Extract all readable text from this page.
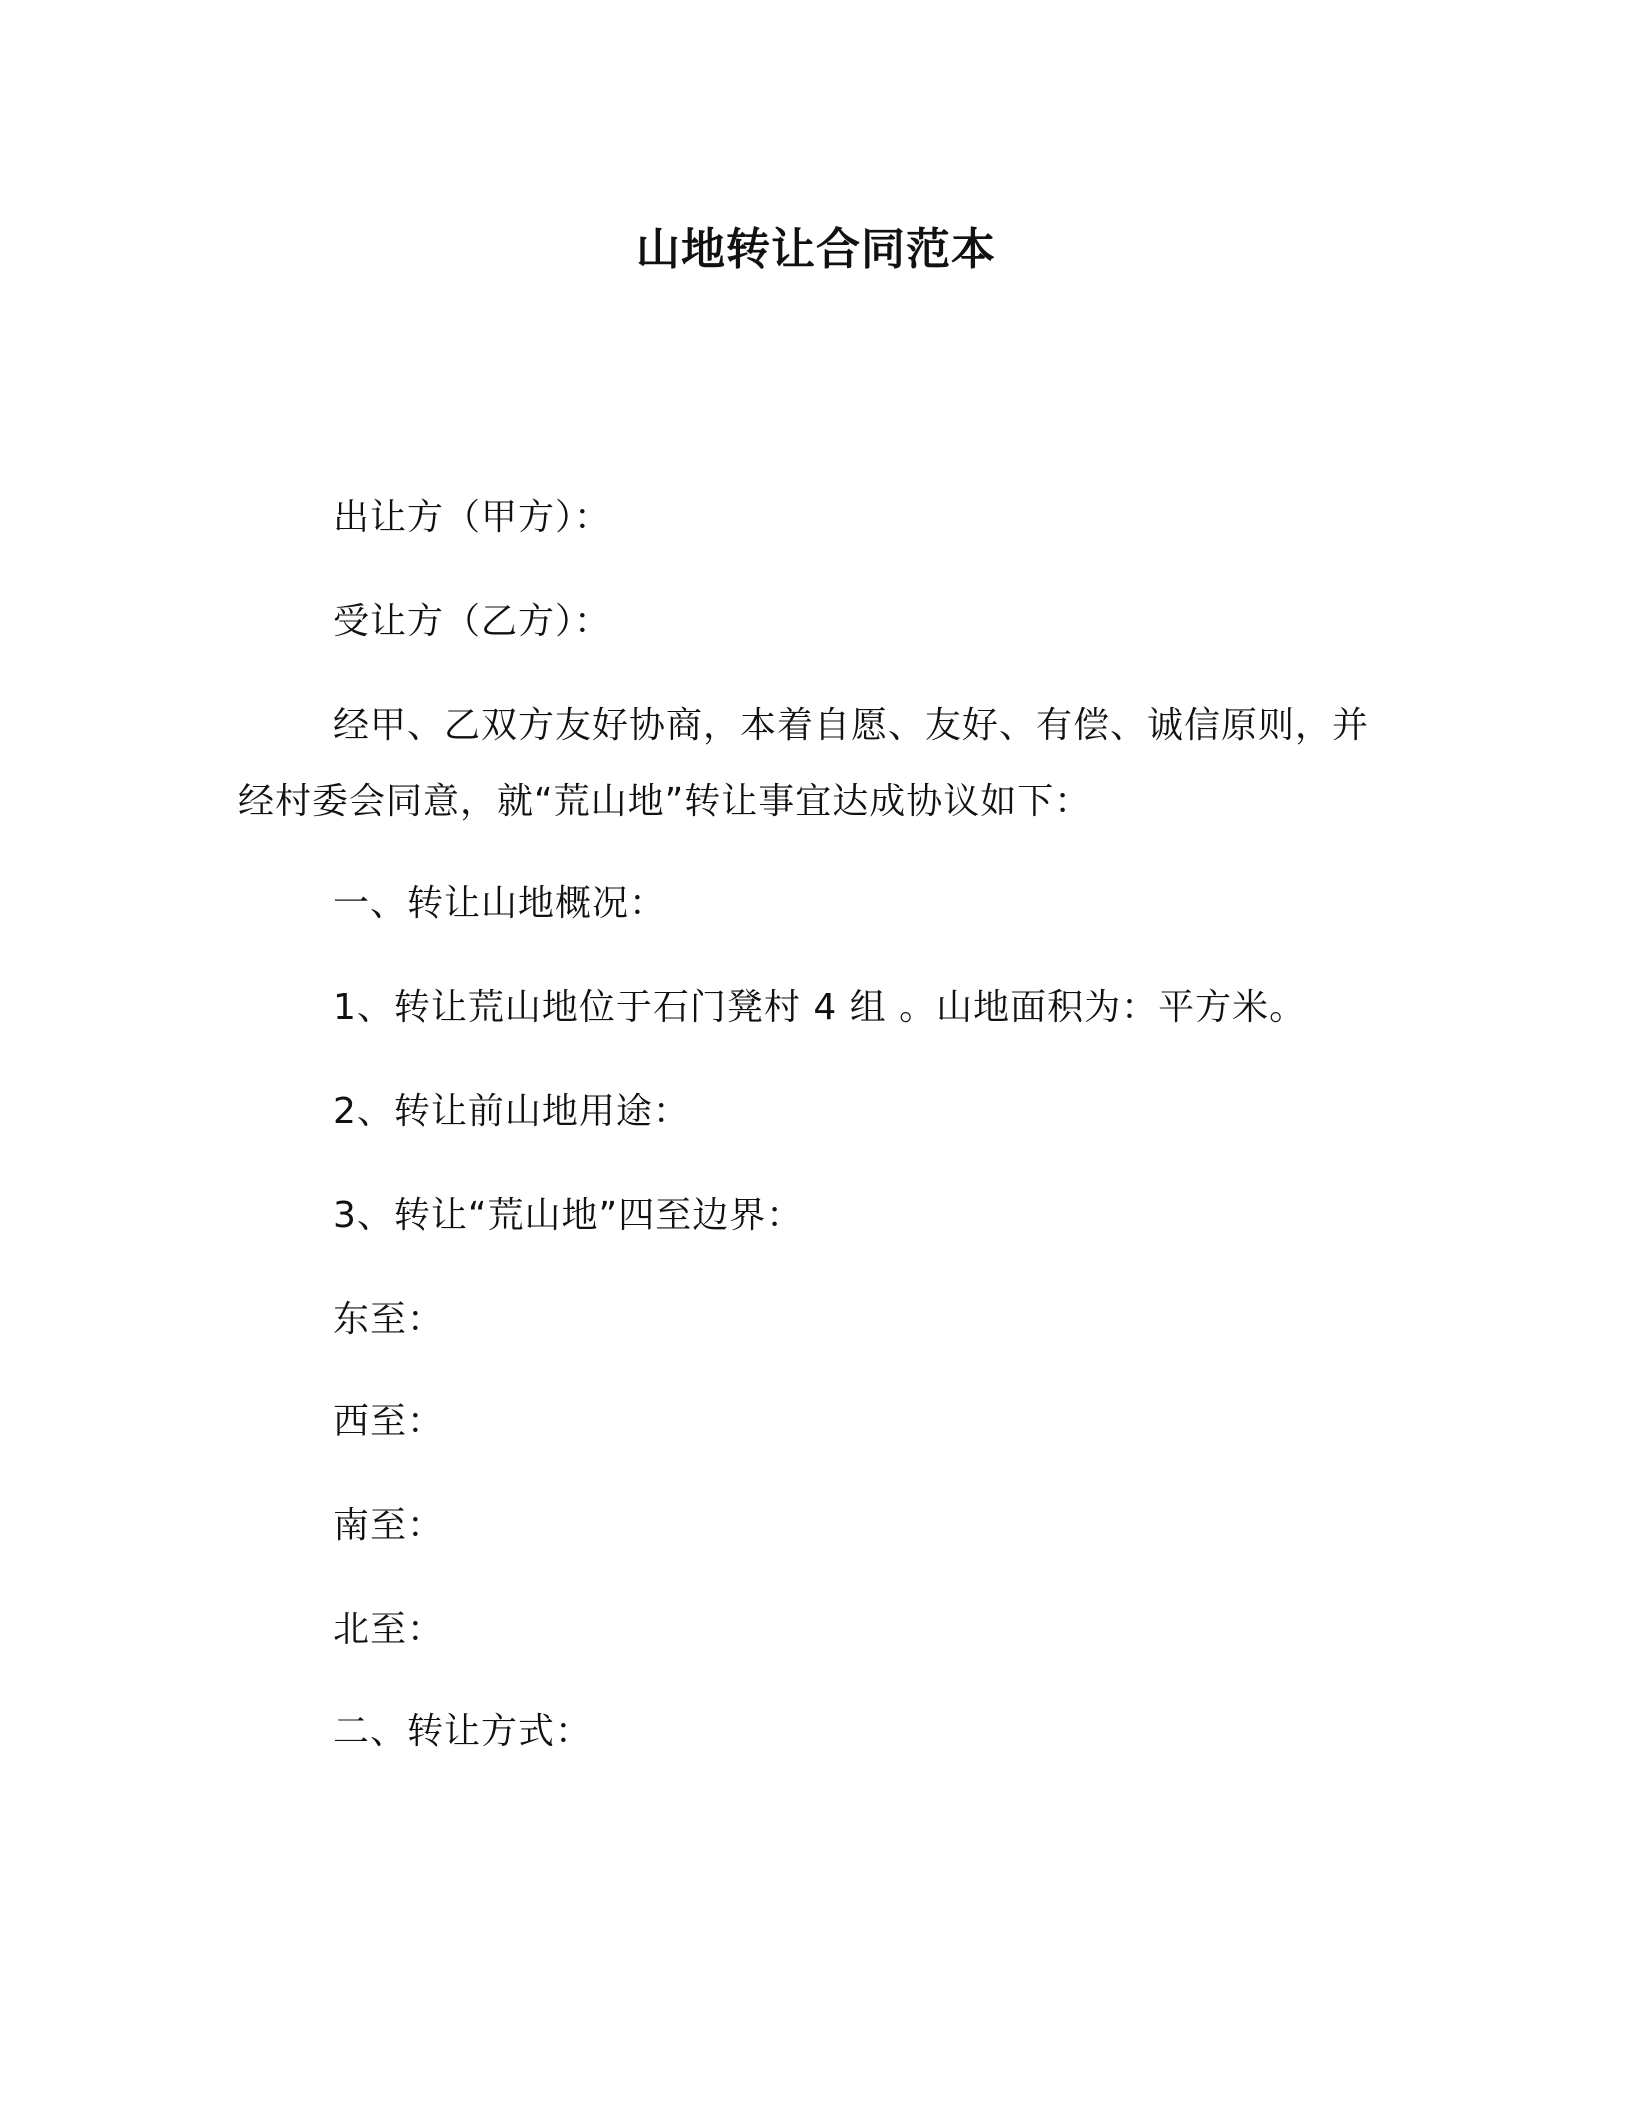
山地转让合同范本
出让方（甲方）：
受让方（乙方）：
经甲、乙双方友好协商，本着自愿、友好、有偿、诚信原则，并
经村委会同意，就“荒山地”转让事宜达成协议如下：
一、转让山地概况：
1、转让荒山地位于石门凳村 4 组 。山地面积为：平方米。
2、转让前山地用途：
3、转让“荒山地”四至边界：
东至：
西至：
南至：
北至：
二、转让方式：
